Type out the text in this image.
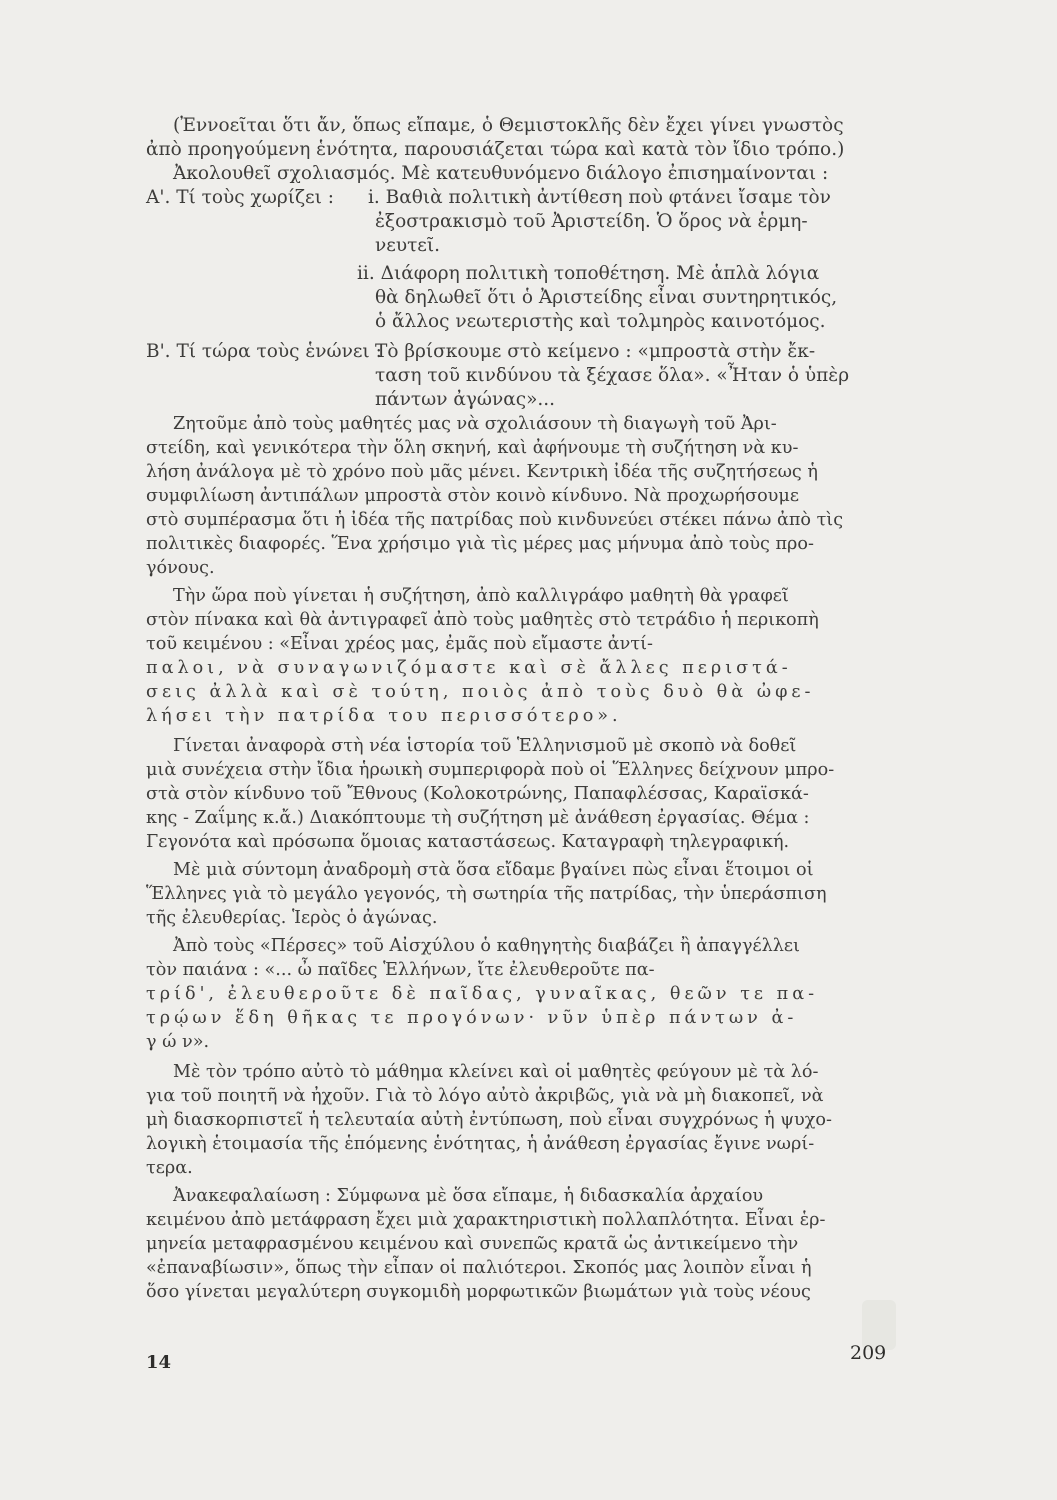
(Ἐννοεῖται ὅτι ἄν, ὅπως εἴπαμε, ὁ Θεμιστοκλῆς δὲν ἔχει γίνει γνωστὸς
ἀπὸ προηγούμενη ἑνότητα, παρουσιάζεται τώρα καὶ κατὰ τὸν ἴδιο τρόπο.)
Ἀκολουθεῖ σχολιασμός. Μὲ κατευθυνόμενο διάλογο ἐπισημαίνονται :
Α'. Τί τοὺς χωρίζει : i. Βαθιὰ πολιτικὴ ἀντίθεση ποὺ φτάνει ἴσαμε τὸν
ἐξοστρακισμὸ τοῦ Ἀριστείδη. Ὁ ὅρος νὰ ἑρμη-
νευτεῖ.
ii. Διάφορη πολιτικὴ τοποθέτηση. Μὲ ἁπλὰ λόγια
θὰ δηλωθεῖ ὅτι ὁ Ἀριστείδης εἶναι συντηρητικός,
ὁ ἄλλος νεωτεριστὴς καὶ τολμηρὸς καινοτόμος.
Β'. Τί τώρα τοὺς ἑνώνει :
Τὸ βρίσκουμε στὸ κείμενο : «μπροστὰ στὴν ἔκ-
ταση τοῦ κινδύνου τὰ ξέχασε ὅλα». «Ἦταν ὁ ὑπὲρ
πάντων ἀγώνας»...
Ζητοῦμε ἀπὸ τοὺς μαθητές μας νὰ σχολιάσουν τὴ διαγωγὴ τοῦ Ἀρι-
στείδη, καὶ γενικότερα τὴν ὅλη σκηνή, καὶ ἀφήνουμε τὴ συζήτηση νὰ κυ-
λήση ἀνάλογα μὲ τὸ χρόνο ποὺ μᾶς μένει. Κεντρικὴ ἰδέα τῆς συζητήσεως ἡ
συμφιλίωση ἀντιπάλων μπροστὰ στὸν κοινὸ κίνδυνο. Νὰ προχωρήσουμε
στὸ συμπέρασμα ὅτι ἡ ἰδέα τῆς πατρίδας ποὺ κινδυνεύει στέκει πάνω ἀπὸ τὶς
πολιτικὲς διαφορές. Ἕνα χρήσιμο γιὰ τὶς μέρες μας μήνυμα ἀπὸ τοὺς προ-
γόνους.
Τὴν ὥρα ποὺ γίνεται ἡ συζήτηση, ἀπὸ καλλιγράφο μαθητὴ θὰ γραφεῖ
στὸν πίνακα καὶ θὰ ἀντιγραφεῖ ἀπὸ τοὺς μαθητὲς στὸ τετράδιο ἡ περικοπὴ
τοῦ κειμένου : «Εἶναι χρέος μας, ἐμᾶς ποὺ εἴμαστε ἀντί-
παλοι, νὰ συναγωνιζόμαστε καὶ σὲ ἄλλες περιστά-
σεις ἀλλὰ καὶ σὲ τούτη, ποιὸς ἀπὸ τοὺς δυὸ θὰ ὠφε-
λήσει τὴν πατρίδα του περισσότερο».
Γίνεται ἀναφορὰ στὴ νέα ἱστορία τοῦ Ἑλληνισμοῦ μὲ σκοπὸ νὰ δοθεῖ
μιὰ συνέχεια στὴν ἴδια ἡρωικὴ συμπεριφορὰ ποὺ οἱ Ἕλληνες δείχνουν μπρο-
στὰ στὸν κίνδυνο τοῦ Ἔθνους (Κολοκοτρώνης, Παπαφλέσσας, Καραϊσκά-
κης - Ζαΐμης κ.ἄ.) Διακόπτουμε τὴ συζήτηση μὲ ἀνάθεση ἐργασίας. Θέμα :
Γεγονότα καὶ πρόσωπα ὅμοιας καταστάσεως. Καταγραφὴ τηλεγραφική.
Μὲ μιὰ σύντομη ἀναδρομὴ στὰ ὅσα εἴδαμε βγαίνει πὼς εἶναι ἕτοιμοι οἱ
Ἕλληνες γιὰ τὸ μεγάλο γεγονός, τὴ σωτηρία τῆς πατρίδας, τὴν ὑπεράσπιση
τῆς ἐλευθερίας. Ἱερὸς ὁ ἀγώνας.
Ἀπὸ τοὺς «Πέρσες» τοῦ Αἰσχύλου ὁ καθηγητὴς διαβάζει ἢ ἀπαγγέλλει
τὸν παιάνα : «... ὦ παῖδες Ἑλλήνων, ἴτε ἐλευθεροῦτε πα-
τρίδ', ἐλευθεροῦτε δὲ παῖδας, γυναῖκας, θεῶν τε πα-
τρῴων ἕδη θῆκας τε προγόνων· νῦν ὑπὲρ πάντων ἀ-
γ ώ ν».
Μὲ τὸν τρόπο αὐτὸ τὸ μάθημα κλείνει καὶ οἱ μαθητὲς φεύγουν μὲ τὰ λό-
για τοῦ ποιητῆ νὰ ἠχοῦν. Γιὰ τὸ λόγο αὐτὸ ἀκριβῶς, γιὰ νὰ μὴ διακοπεῖ, νὰ
μὴ διασκορπιστεῖ ἡ τελευταία αὐτὴ ἐντύπωση, ποὺ εἶναι συγχρόνως ἡ ψυχο-
λογικὴ ἑτοιμασία τῆς ἑπόμενης ἑνότητας, ἡ ἀνάθεση ἐργασίας ἔγινε νωρί-
τερα.
Ἀνακεφαλαίωση : Σύμφωνα μὲ ὅσα εἴπαμε, ἡ διδασκαλία ἀρχαίου
κειμένου ἀπὸ μετάφραση ἔχει μιὰ χαρακτηριστικὴ πολλαπλότητα. Εἶναι ἑρ-
μηνεία μεταφρασμένου κειμένου καὶ συνεπῶς κρατᾶ ὡς ἀντικείμενο τὴν
«ἐπαναβίωσιν», ὅπως τὴν εἶπαν οἱ παλιότεροι. Σκοπός μας λοιπὸν εἶναι ἡ
ὅσο γίνεται μεγαλύτερη συγκομιδὴ μορφωτικῶν βιωμάτων γιὰ τοὺς νέους
14	209
